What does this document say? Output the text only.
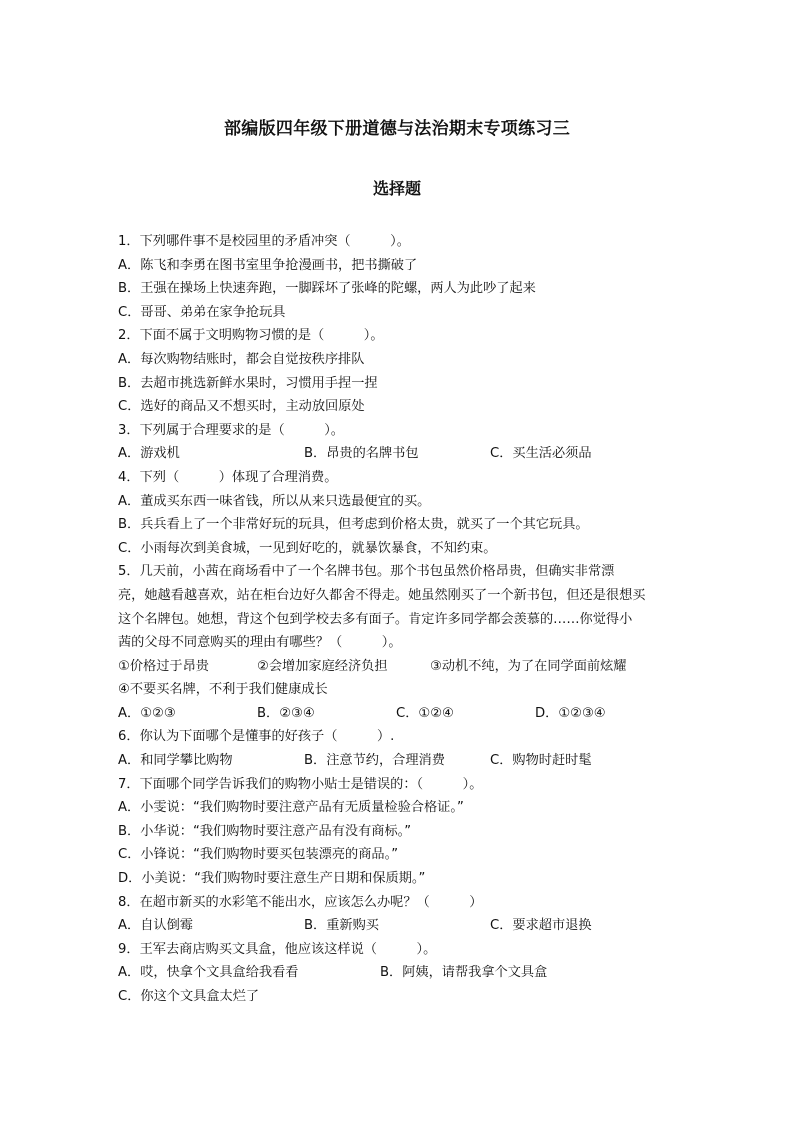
部编版四年级下册道德与法治期末专项练习三
选择题
1．下列哪件事不是校园里的矛盾冲突（　　　）。
A．陈飞和李勇在图书室里争抢漫画书，把书撕破了
B．王强在操场上快速奔跑，一脚踩坏了张峰的陀螺，两人为此吵了起来
C．哥哥、弟弟在家争抢玩具
2．下面不属于文明购物习惯的是（　　　）。
A．每次购物结账时，都会自觉按秩序排队
B．去超市挑选新鲜水果时，习惯用手捏一捏
C．选好的商品又不想买时，主动放回原处
3．下列属于合理要求的是（　　　）。
A．游戏机	B．昂贵的名牌书包	C．买生活必须品
4．下列（　　　）体现了合理消费。
A．董成买东西一味省钱，所以从来只选最便宜的买。
B．兵兵看上了一个非常好玩的玩具，但考虑到价格太贵，就买了一个其它玩具。
C．小雨每次到美食城，一见到好吃的，就暴饮暴食，不知约束。
5．几天前，小茜在商场看中了一个名牌书包。那个书包虽然价格昂贵，但确实非常漂
亮，她越看越喜欢，站在柜台边好久都舍不得走。她虽然刚买了一个新书包，但还是很想买
这个名牌包。她想，背这个包到学校去多有面子。肯定许多同学都会羡慕的……你觉得小
茜的父母不同意购买的理由有哪些？（　　　）。
①价格过于昂贵	②会增加家庭经济负担	③动机不纯，为了在同学面前炫耀
④不要买名牌，不利于我们健康成长
A．①②③	B．②③④	C．①②④	D．①②③④
6．你认为下面哪个是懂事的好孩子（　　　）.
A．和同学攀比购物	B．注意节约，合理消费	C．购物时赶时髦
7．下面哪个同学告诉我们的购物小贴士是错误的：（　　　）。
A．小雯说：“我们购物时要注意产品有无质量检验合格证。”
B．小华说：“我们购物时要注意产品有没有商标。”
C．小锋说：“我们购物时要买包装漂亮的商品。”
D．小美说：“我们购物时要注意生产日期和保质期。”
8．在超市新买的水彩笔不能出水，应该怎么办呢？（　　　）
A．自认倒霉	B．重新购买	C．要求超市退换
9．王军去商店购买文具盒，他应该这样说（　　　）。
A．哎，快拿个文具盒给我看看	B．阿姨，请帮我拿个文具盒
C．你这个文具盒太烂了
